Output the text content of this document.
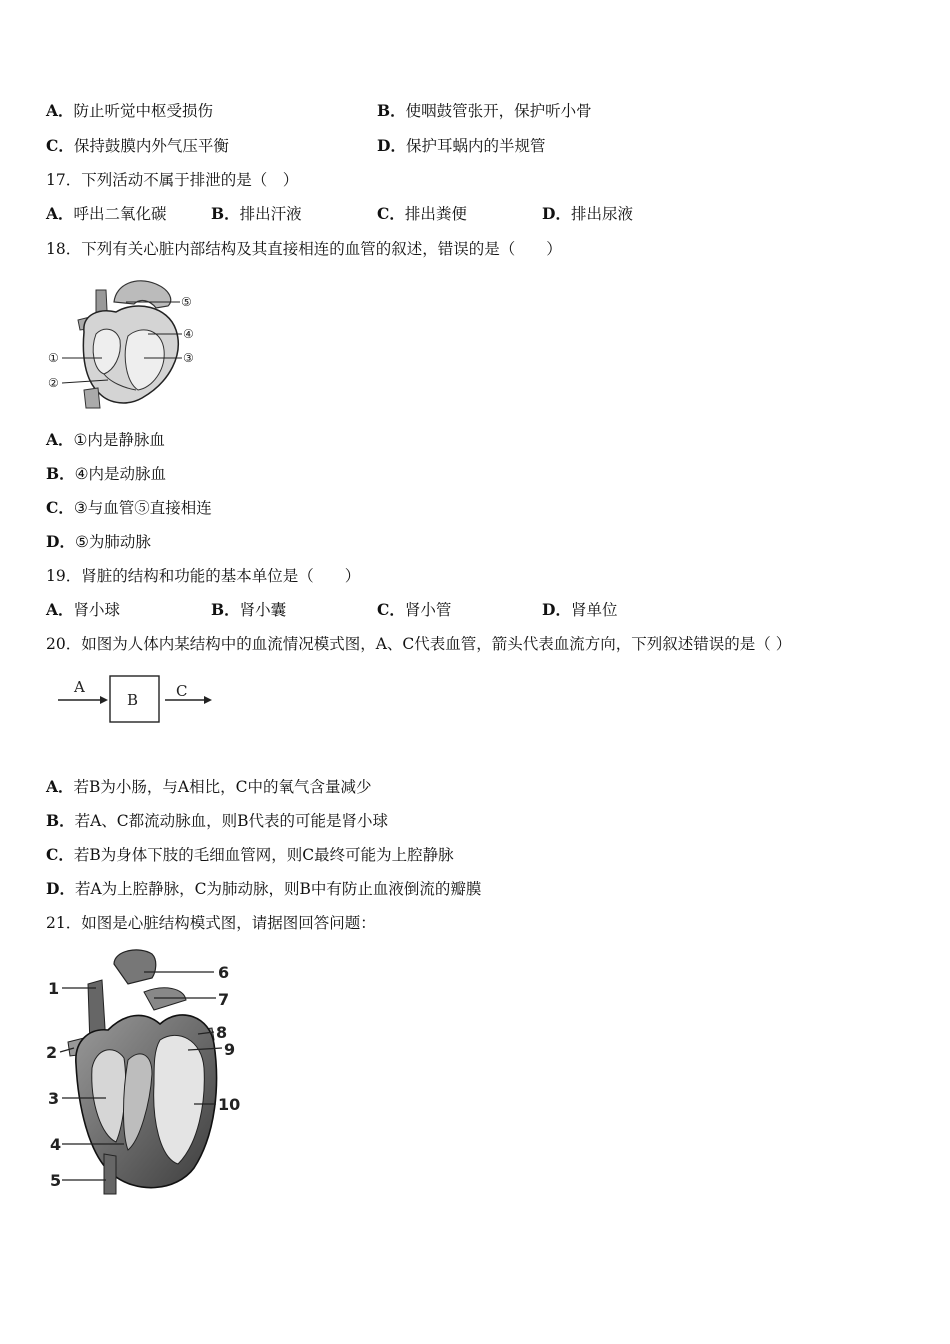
A．防止听觉中枢受损伤	B．使咽鼓管张开，保护听小骨
C．保持鼓膜内外气压平衡	D．保护耳蜗内的半规管
17．下列活动不属于排泄的是（　）
A．呼出二氧化碳	B．排出汗液	C．排出粪便	D．排出尿液
18．下列有关心脏内部结构及其直接相连的血管的叙述，错误的是（　　）
①
②
③
④
⑤
A．①内是静脉血
B．④内是动脉血
C．③与血管⑤直接相连
D．⑤为肺动脉
19．肾脏的结构和功能的基本单位是（　　）
A．肾小球	B．肾小囊	C．肾小管	D．肾单位
20．如图为人体内某结构中的血流情况模式图，A、C代表血管，箭头代表血流方向，下列叙述错误的是（ ）
A
B	C
A．若B为小肠，与A相比，C中的氧气含量减少
B．若A、C都流动脉血，则B代表的可能是肾小球
C．若B为身体下肢的毛细血管网，则C最终可能为上腔静脉
D．若A为上腔静脉，C为肺动脉，则B中有防止血液倒流的瓣膜
21．如图是心脏结构模式图，请据图回答问题：
1
2
3
4
5
6
7
8
9
10
